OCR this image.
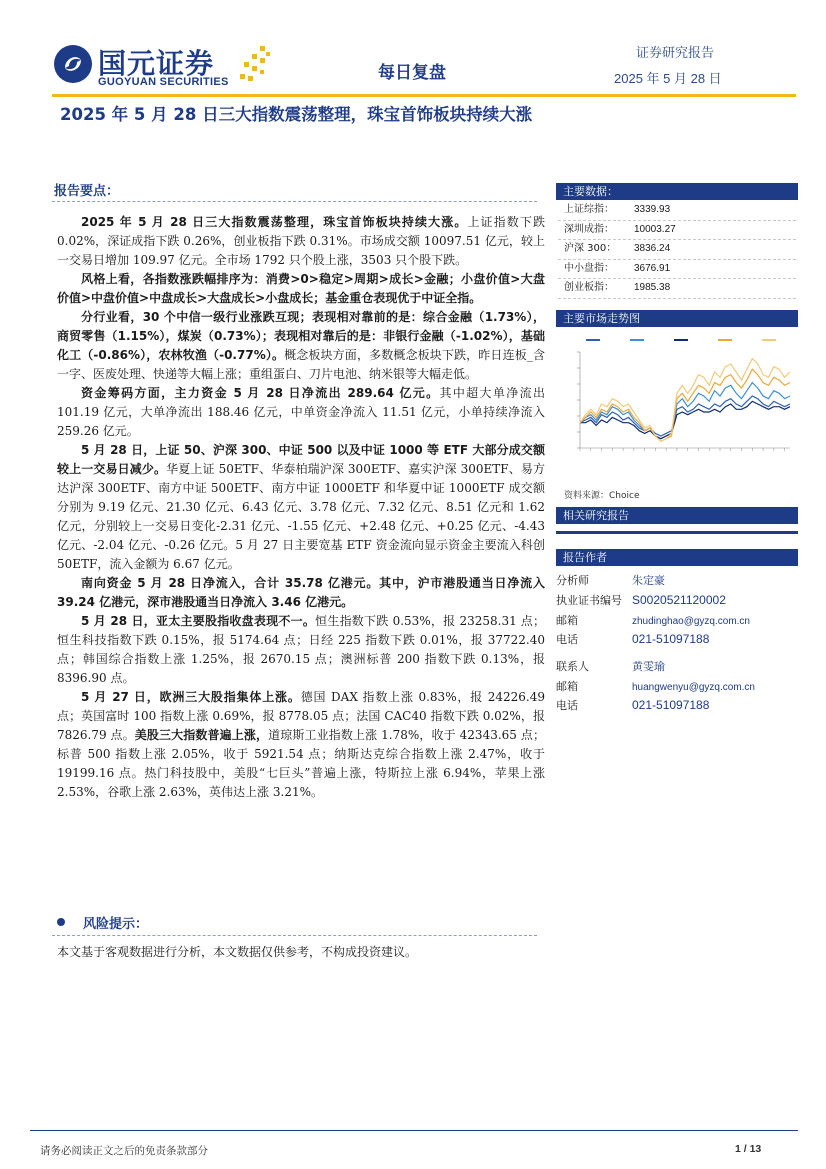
国元证券
GUOYUAN SECURITIES	每日复盘
证券研究报告
2025 年 5 月 28 日
2025 年 5 月 28 日三大指数震荡整理，珠宝首饰板块持续大涨
报告要点：

2025 年 5 月 28 日三大指数震荡整理，珠宝首饰板块持续大涨。上证指数下跌 0.02%，深证成指下跌 0.26%，创业板指下跌 0.31%。市场成交额 10097.51 亿元，较上一交易日增加 109.97 亿元。全市场 1792 只个股上涨，3503 只个股下跌。

风格上看，各指数涨跌幅排序为：消费>0>稳定>周期>成长>金融；小盘价值>大盘价值>中盘价值>中盘成长>大盘成长>小盘成长；基金重仓表现优于中证全指。

分行业看，30 个中信一级行业涨跌互现；表现相对靠前的是：综合金融（1.73%），商贸零售（1.15%），煤炭（0.73%）；表现相对靠后的是：非银行金融（-1.02%），基础化工（-0.86%），农林牧渔（-0.77%）。概念板块方面，多数概念板块下跌，昨日连板_含一字、医废处理、快递等大幅上涨；重组蛋白、刀片电池、纳米银等大幅走低。

资金筹码方面，主力资金 5 月 28 日净流出 289.64 亿元。其中超大单净流出 101.19 亿元，大单净流出 188.46 亿元，中单资金净流入 11.51 亿元，小单持续净流入 259.26 亿元。

5 月 28 日，上证 50、沪深 300、中证 500 以及中证 1000 等 ETF 大部分成交额较上一交易日减少。华夏上证 50ETF、华泰柏瑞沪深 300ETF、嘉实沪深 300ETF、易方达沪深 300ETF、南方中证 500ETF、南方中证 1000ETF 和华夏中证 1000ETF 成交额分别为 9.19 亿元、21.30 亿元、6.43 亿元、3.78 亿元、7.32 亿元、8.51 亿元和 1.62 亿元，分别较上一交易日变化-2.31 亿元、-1.55 亿元、+2.48 亿元、+0.25 亿元、-4.43 亿元、-2.04 亿元、-0.26 亿元。5 月 27 日主要宽基 ETF 资金流向显示资金主要流入科创 50ETF，流入金额为 6.67 亿元。

南向资金 5 月 28 日净流入，合计 35.78 亿港元。其中，沪市港股通当日净流入 39.24 亿港元，深市港股通当日净流入 3.46 亿港元。

5 月 28 日，亚太主要股指收盘表现不一。恒生指数下跌 0.53%，报 23258.31 点；恒生科技指数下跌 0.15%，报 5174.64 点；日经 225 指数下跌 0.01%，报 37722.40 点；韩国综合指数上涨 1.25%，报 2670.15 点；澳洲标普 200 指数下跌 0.13%，报 8396.90 点。

5 月 27 日，欧洲三大股指集体上涨。德国 DAX 指数上涨 0.83%，报 24226.49 点；英国富时 100 指数上涨 0.69%，报 8778.05 点；法国 CAC40 指数下跌 0.02%，报 7826.79 点。美股三大指数普遍上涨，道琼斯工业指数上涨 1.78%，收于 42343.65 点；标普 500 指数上涨 2.05%，收于 5921.54 点；纳斯达克综合指数上涨 2.47%，收于 19199.16 点。热门科技股中，美股“七巨头”普遍上涨，特斯拉上涨 6.94%，苹果上涨 2.53%，谷歌上涨 2.63%，英伟达上涨 3.21%。

风险提示：
本文基于客观数据进行分析，本文数据仅供参考，不构成投资建议。
主要数据：
上证综指：	3339.93
深圳成指：	10003.27
沪深 300：	3836.24
中小盘指：	3676.91
创业板指：	1985.38
主要市场走势图
资料来源：Choice
相关研究报告
报告作者
分析师	朱定豪
执业证书编号 S0020521120002
邮箱	zhudinghao@gyzq.com.cn
电话	021-51097188
联系人	黄雯瑜
邮箱	huangwenyu@gyzq.com.cn
电话	021-51097188
请务必阅读正文之后的免责条款部分	1 / 13
